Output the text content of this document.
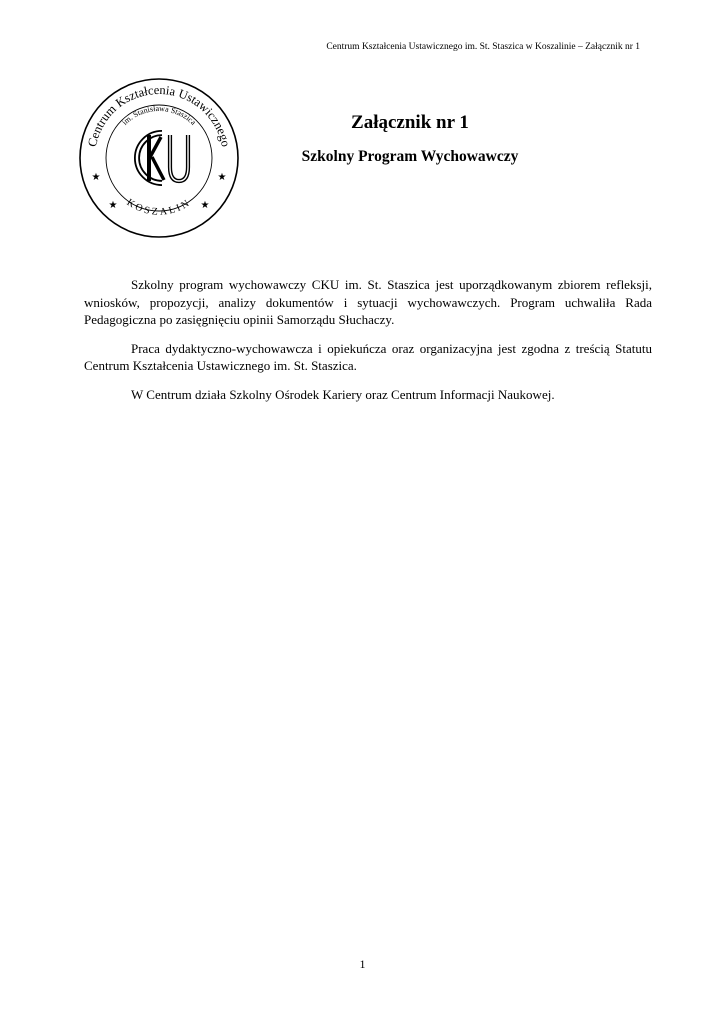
Centrum Kształcenia Ustawicznego im. St. Staszica w Koszalinie – Załącznik nr 1
Centrum Kształcenia Ustawicznego
im. Stanisława Staszica
KOSZALIN
★	★
★	★
Załącznik nr 1
Szkolny Program Wychowawczy

Szkolny program wychowawczy CKU im. St. Staszica jest uporządkowanym zbiorem refleksji, wniosków, propozycji, analizy dokumentów i sytuacji wychowawczych. Program uchwaliła Rada Pedagogiczna po zasięgnięciu opinii Samorządu Słuchaczy.

Praca dydaktyczno-wychowawcza i opiekuńcza oraz organizacyjna jest zgodna z treścią Statutu Centrum Kształcenia Ustawicznego im. St. Staszica.

W Centrum działa Szkolny Ośrodek Kariery oraz Centrum Informacji Naukowej.

1
